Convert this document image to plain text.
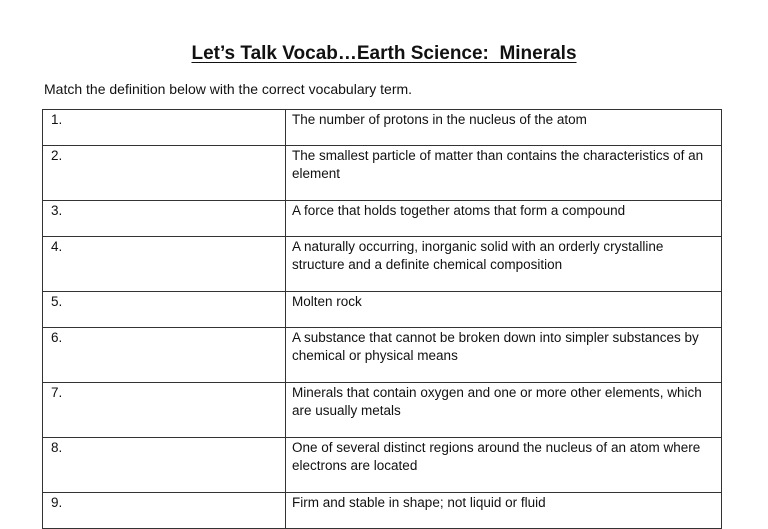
Let’s Talk Vocab…Earth Science:  Minerals
Match the definition below with the correct vocabulary term.
1.	The number of protons in the nucleus of the atom
2.	The smallest particle of matter than contains the characteristics of an element
3.	A force that holds together atoms that form a compound
4.	A naturally occurring, inorganic solid with an orderly crystalline structure and a definite chemical composition
5.	Molten rock
6.	A substance that cannot be broken down into simpler substances by chemical or physical means
7.	Minerals that contain oxygen and one or more other elements, which are usually metals
8.	One of several distinct regions around the nucleus of an atom where electrons are located
9.	Firm and stable in shape; not liquid or fluid
